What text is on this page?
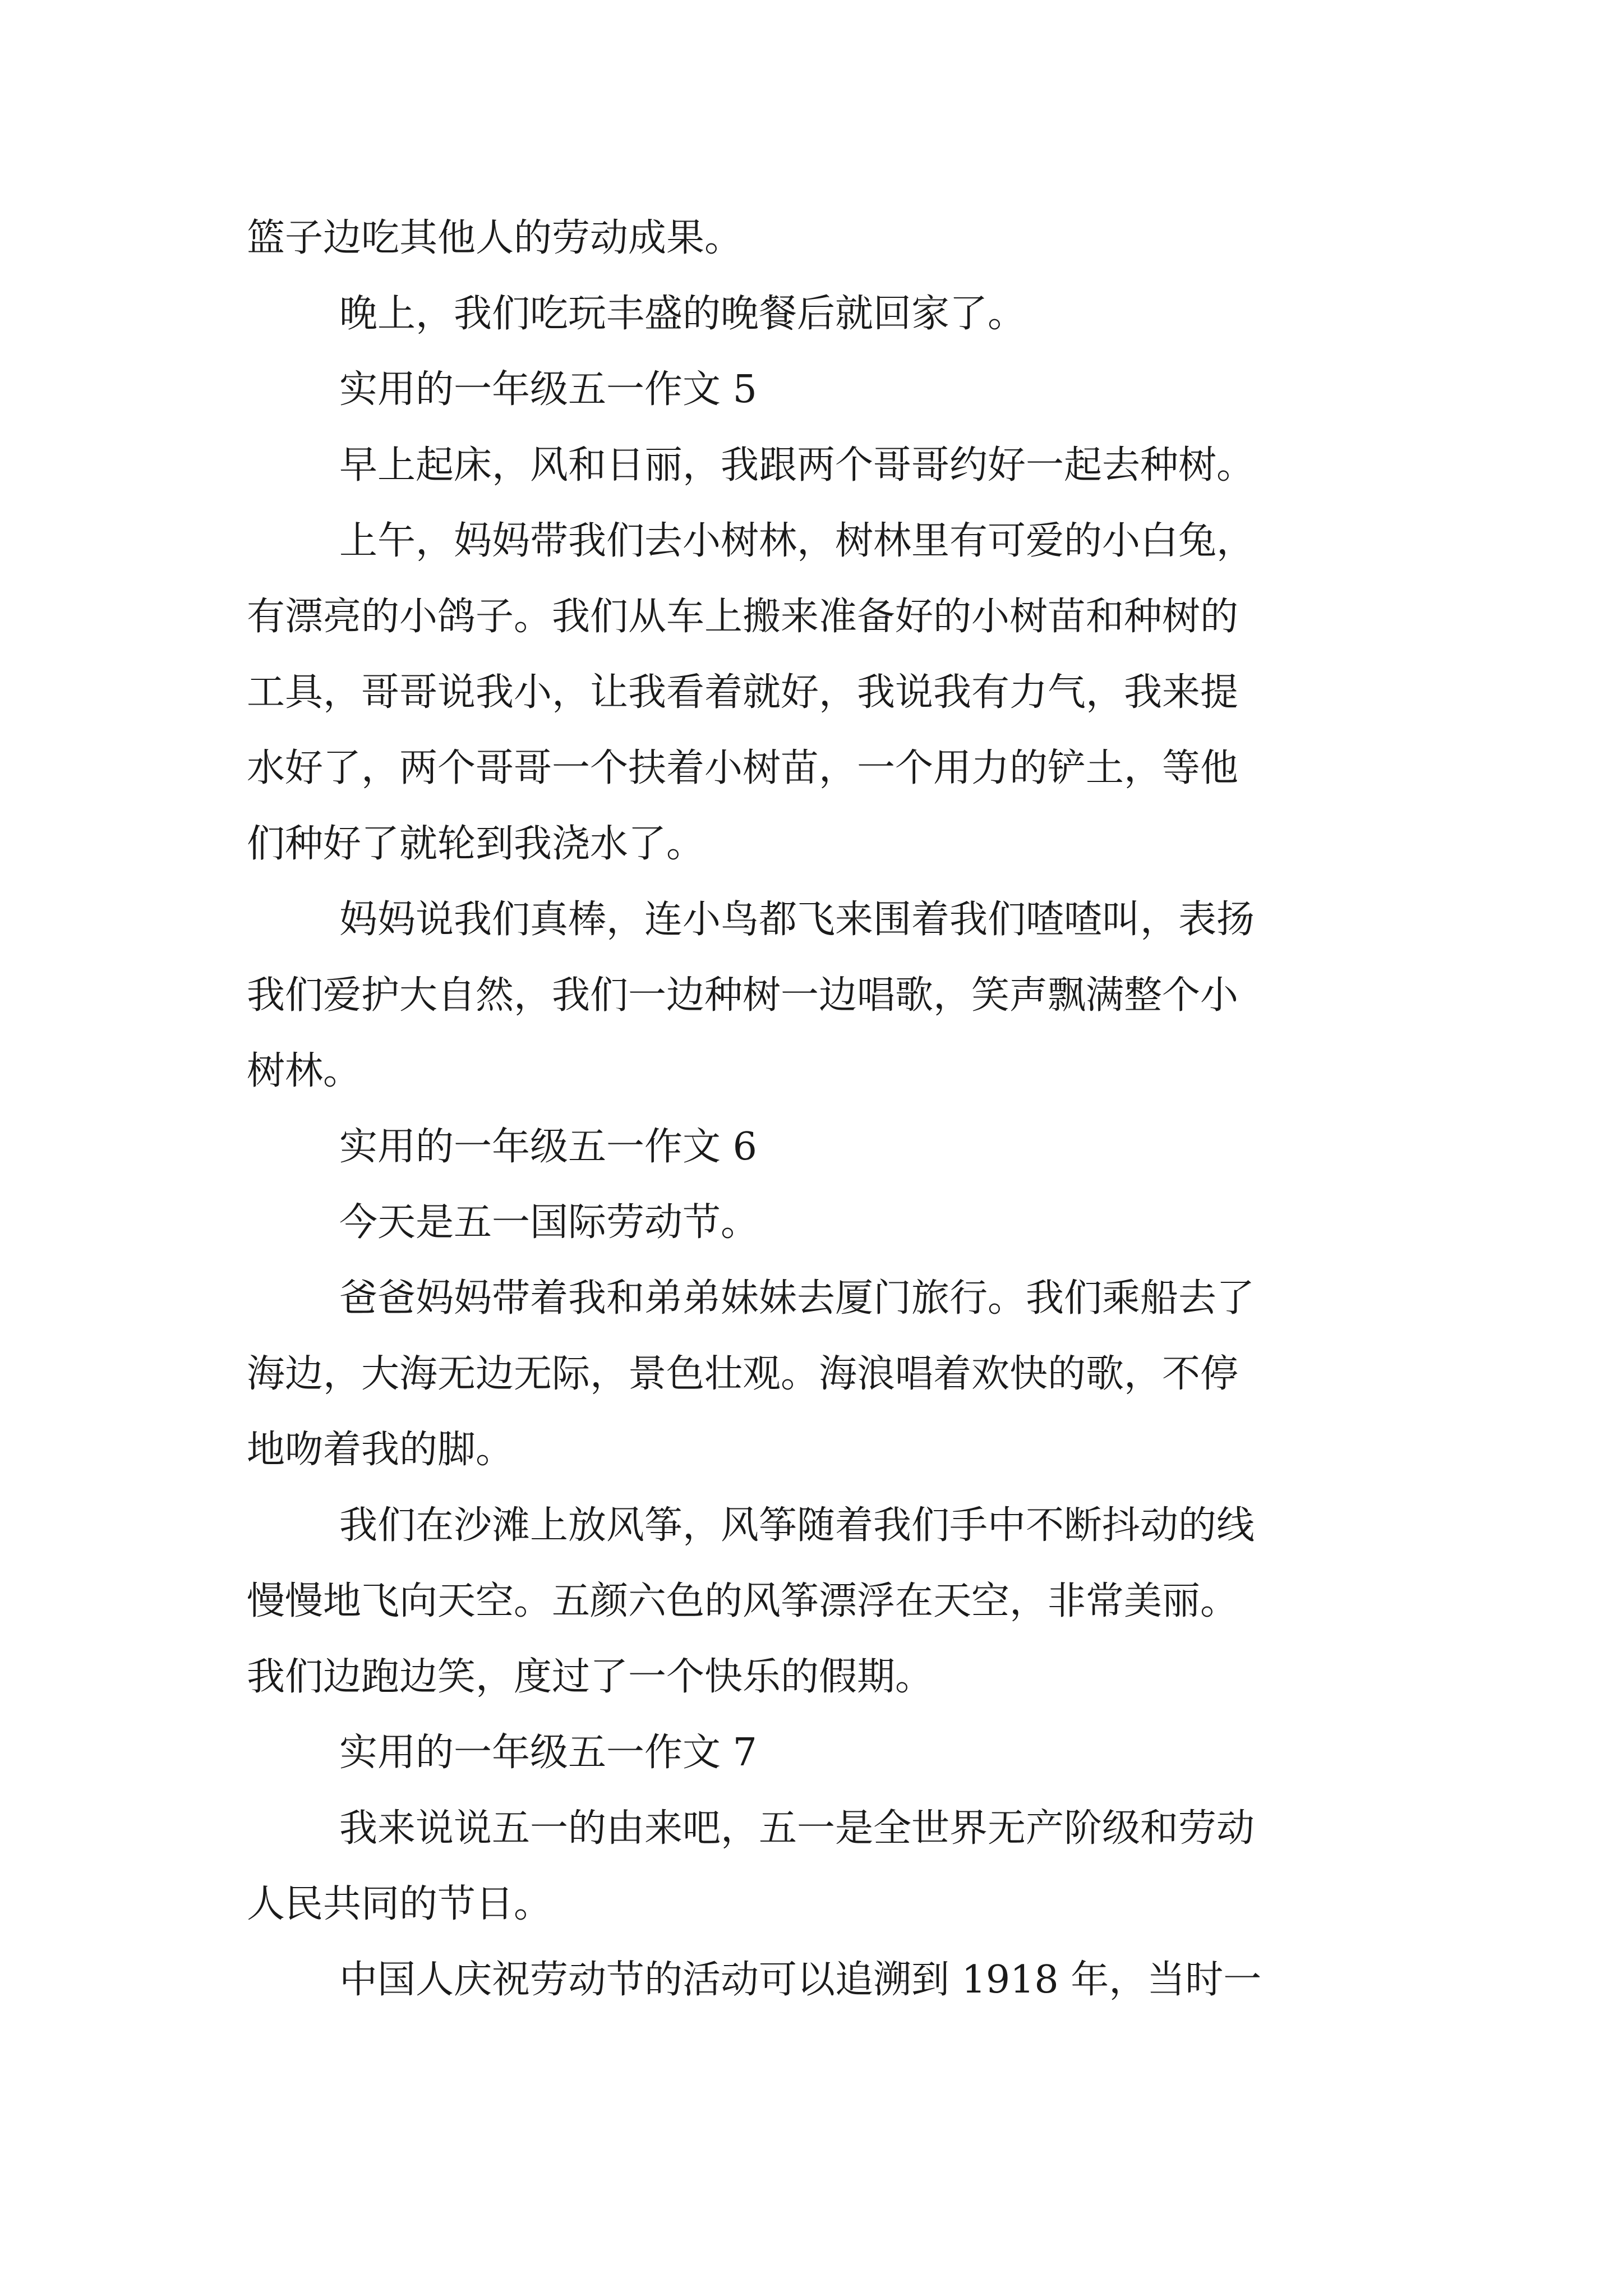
篮子边吃其他人的劳动成果。
晚上，我们吃玩丰盛的晚餐后就回家了。
实用的一年级五一作文 5
早上起床，风和日丽，我跟两个哥哥约好一起去种树。
上午，妈妈带我们去小树林，树林里有可爱的小白兔，
有漂亮的小鸽子。我们从车上搬来准备好的小树苗和种树的
工具，哥哥说我小，让我看着就好，我说我有力气，我来提
水好了，两个哥哥一个扶着小树苗，一个用力的铲土，等他
们种好了就轮到我浇水了。
妈妈说我们真棒，连小鸟都飞来围着我们喳喳叫，表扬
我们爱护大自然，我们一边种树一边唱歌，笑声飘满整个小
树林。
实用的一年级五一作文 6
今天是五一国际劳动节。
爸爸妈妈带着我和弟弟妹妹去厦门旅行。我们乘船去了
海边，大海无边无际，景色壮观。海浪唱着欢快的歌，不停
地吻着我的脚。
我们在沙滩上放风筝，风筝随着我们手中不断抖动的线
慢慢地飞向天空。五颜六色的风筝漂浮在天空，非常美丽。
我们边跑边笑，度过了一个快乐的假期。
实用的一年级五一作文 7
我来说说五一的由来吧，五一是全世界无产阶级和劳动
人民共同的节日。
中国人庆祝劳动节的活动可以追溯到 1918 年，当时一
